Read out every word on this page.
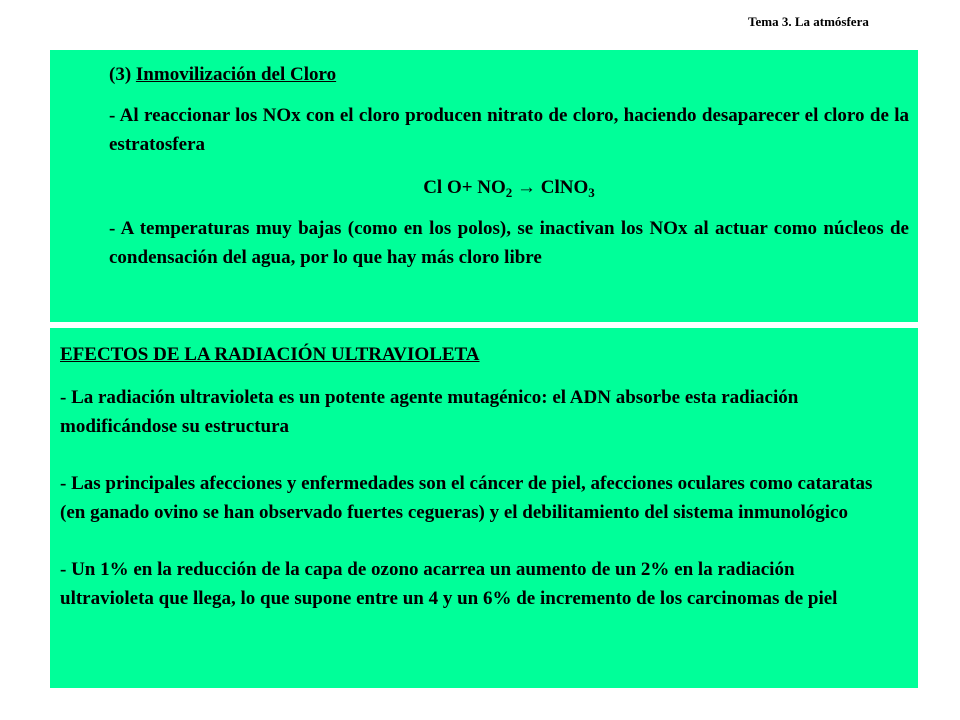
Tema 3. La atmósfera

(3) Inmovilización del Cloro

- Al reaccionar los NOx con el cloro producen nitrato de cloro, haciendo desaparecer el cloro de la estratosfera

Cl $O+ NO_2$ → ClNO$_3$

- A temperaturas muy bajas (como en los polos), se inactivan los NOx al actuar como núcleos de condensación del agua, por lo que hay más cloro libre

EFECTOS DE LA RADIACIÓN ULTRAVIOLETA

- La radiación ultravioleta es un potente agente mutagénico: el ADN absorbe esta radiación modificándose su estructura

- Las principales afecciones y enfermedades son el cáncer de piel, afecciones oculares como cataratas (en ganado ovino se han observado fuertes cegueras) y el debilitamiento del sistema inmunológico

- Un 1% en la reducción de la capa de ozono acarrea un aumento de un 2% en la radiación ultravioleta que llega, lo que supone entre un 4 y un 6% de incremento de los carcinomas de piel
